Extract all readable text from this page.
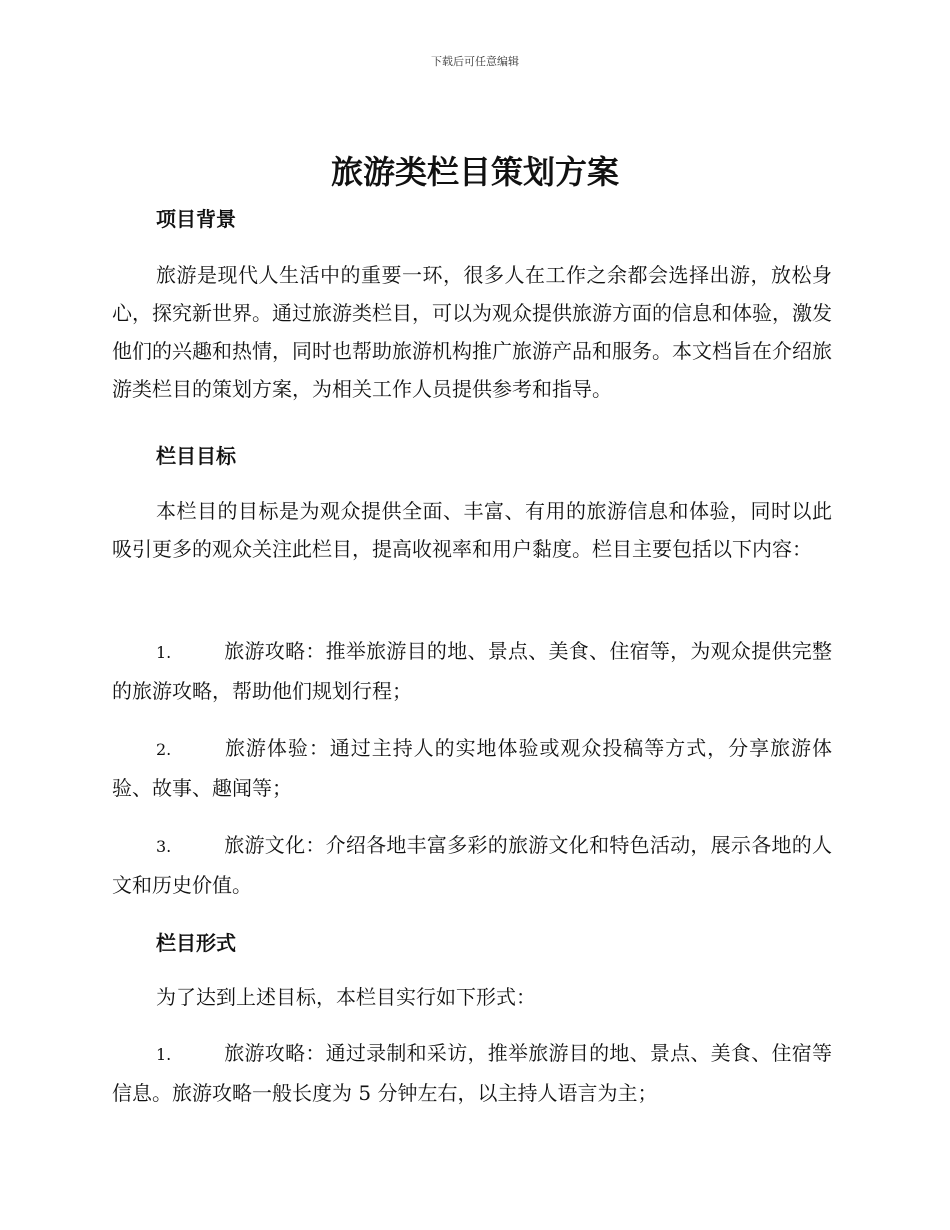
下载后可任意编辑
旅游类栏目策划方案
项目背景

旅游是现代人生活中的重要一环，很多人在工作之余都会选择出游，放松身心，探究新世界。通过旅游类栏目，可以为观众提供旅游方面的信息和体验，激发他们的兴趣和热情，同时也帮助旅游机构推广旅游产品和服务。本文档旨在介绍旅游类栏目的策划方案，为相关工作人员提供参考和指导。

栏目目标

本栏目的目标是为观众提供全面、丰富、有用的旅游信息和体验，同时以此吸引更多的观众关注此栏目，提高收视率和用户黏度。栏目主要包括以下内容：

1.	旅游攻略：推举旅游目的地、景点、美食、住宿等，为观众提供完整的旅游攻略，帮助他们规划行程；

2.	旅游体验：通过主持人的实地体验或观众投稿等方式，分享旅游体验、故事、趣闻等；

3.	旅游文化：介绍各地丰富多彩的旅游文化和特色活动，展示各地的人文和历史价值。

栏目形式

为了达到上述目标，本栏目实行如下形式：

1.	旅游攻略：通过录制和采访，推举旅游目的地、景点、美食、住宿等信息。旅游攻略一般长度为 5 分钟左右，以主持人语言为主；
